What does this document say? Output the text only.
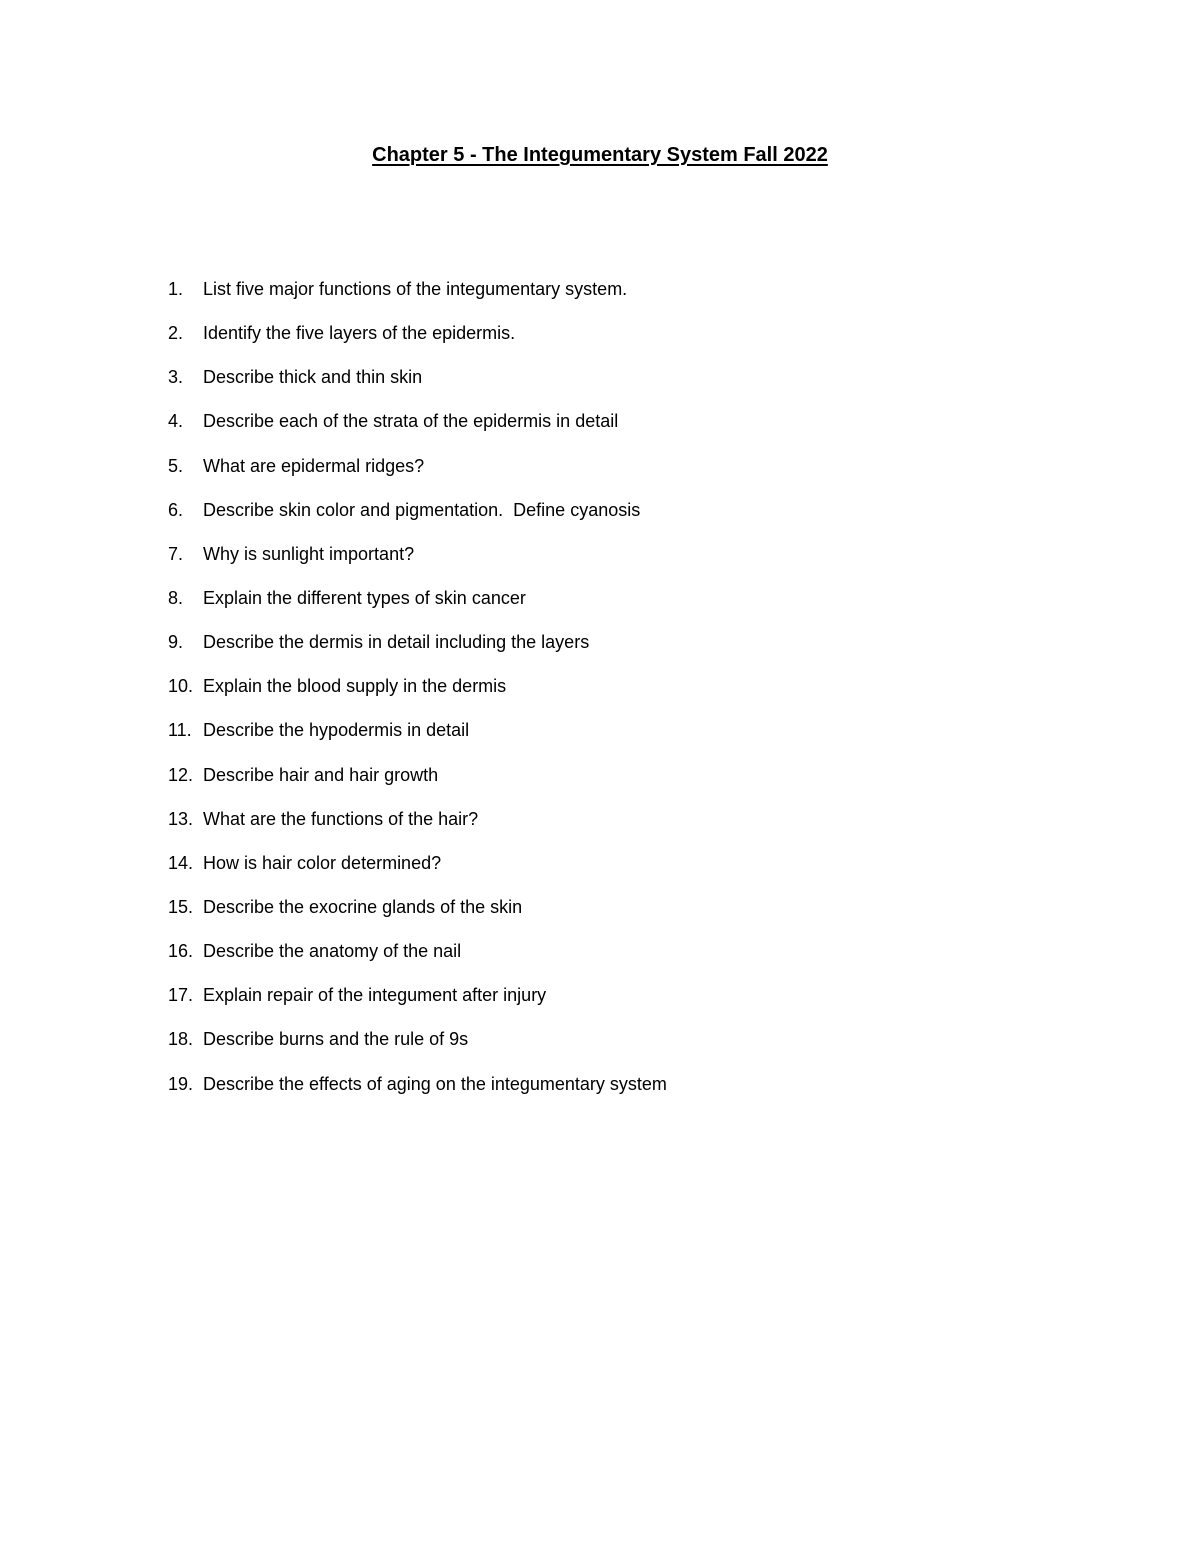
Chapter 5 - The Integumentary System Fall 2022
1.	List five major functions of the integumentary system.
2.	Identify the five layers of the epidermis.
3.	Describe thick and thin skin
4.	Describe each of the strata of the epidermis in detail
5.	What are epidermal ridges?
6.	Describe skin color and pigmentation.  Define cyanosis
7.	Why is sunlight important?
8.	Explain the different types of skin cancer
9.	Describe the dermis in detail including the layers
10. Explain the blood supply in the dermis
11. Describe the hypodermis in detail
12. Describe hair and hair growth
13. What are the functions of the hair?
14. How is hair color determined?
15. Describe the exocrine glands of the skin
16. Describe the anatomy of the nail
17. Explain repair of the integument after injury
18. Describe burns and the rule of 9s
19. Describe the effects of aging on the integumentary system
